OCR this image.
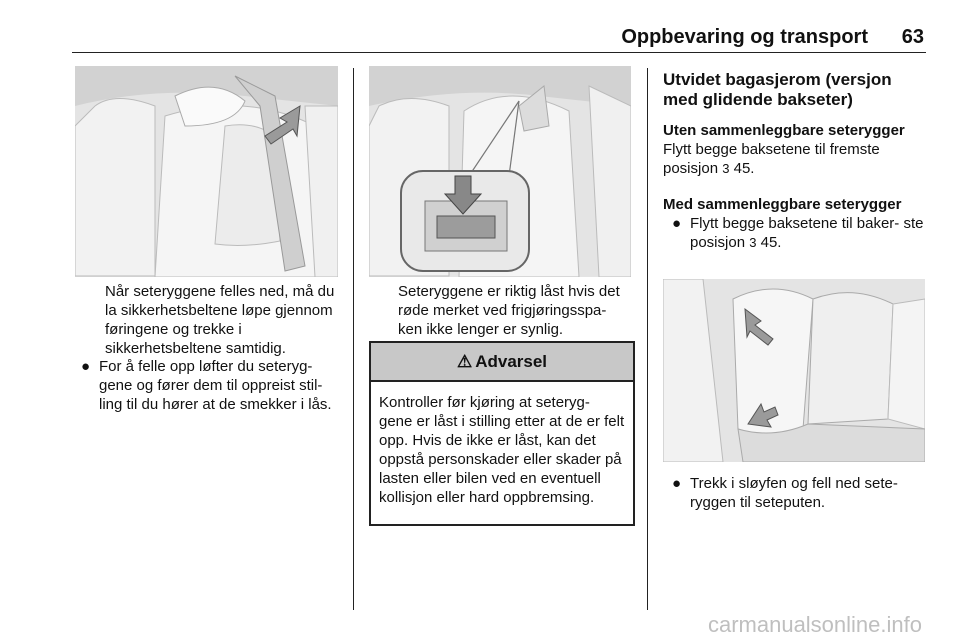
Oppbevaring og transport 63
Når seteryggene felles ned, må du la sikkerhetsbeltene løpe gjennom føringene og trekke i sikkerhetsbeltene samtidig.
● For å felle opp løfter du seteryg- gene og fører dem til oppreist stil- ling til du hører at de smekker i lås.
Seteryggene er riktig låst hvis det røde merket ved frigjøringsspa- ken ikke lenger er synlig.
⚠ Advarsel
Kontroller før kjøring at seteryg- gene er låst i stilling etter at de er felt opp. Hvis de ikke er låst, kan det oppstå personskader eller skader på lasten eller bilen ved en eventuell kollisjon eller hard oppbremsing.
Utvidet bagasjerom (versjon med glidende bakseter)
Uten sammenleggbare seterygger
Flytt begge baksetene til fremste posisjon 3 45.
Med sammenleggbare seterygger
● Flytt begge baksetene til baker- ste posisjon 3 45.
● Trekk i sløyfen og fell ned sete- ryggen til seteputen.
carmanualsonline.info
